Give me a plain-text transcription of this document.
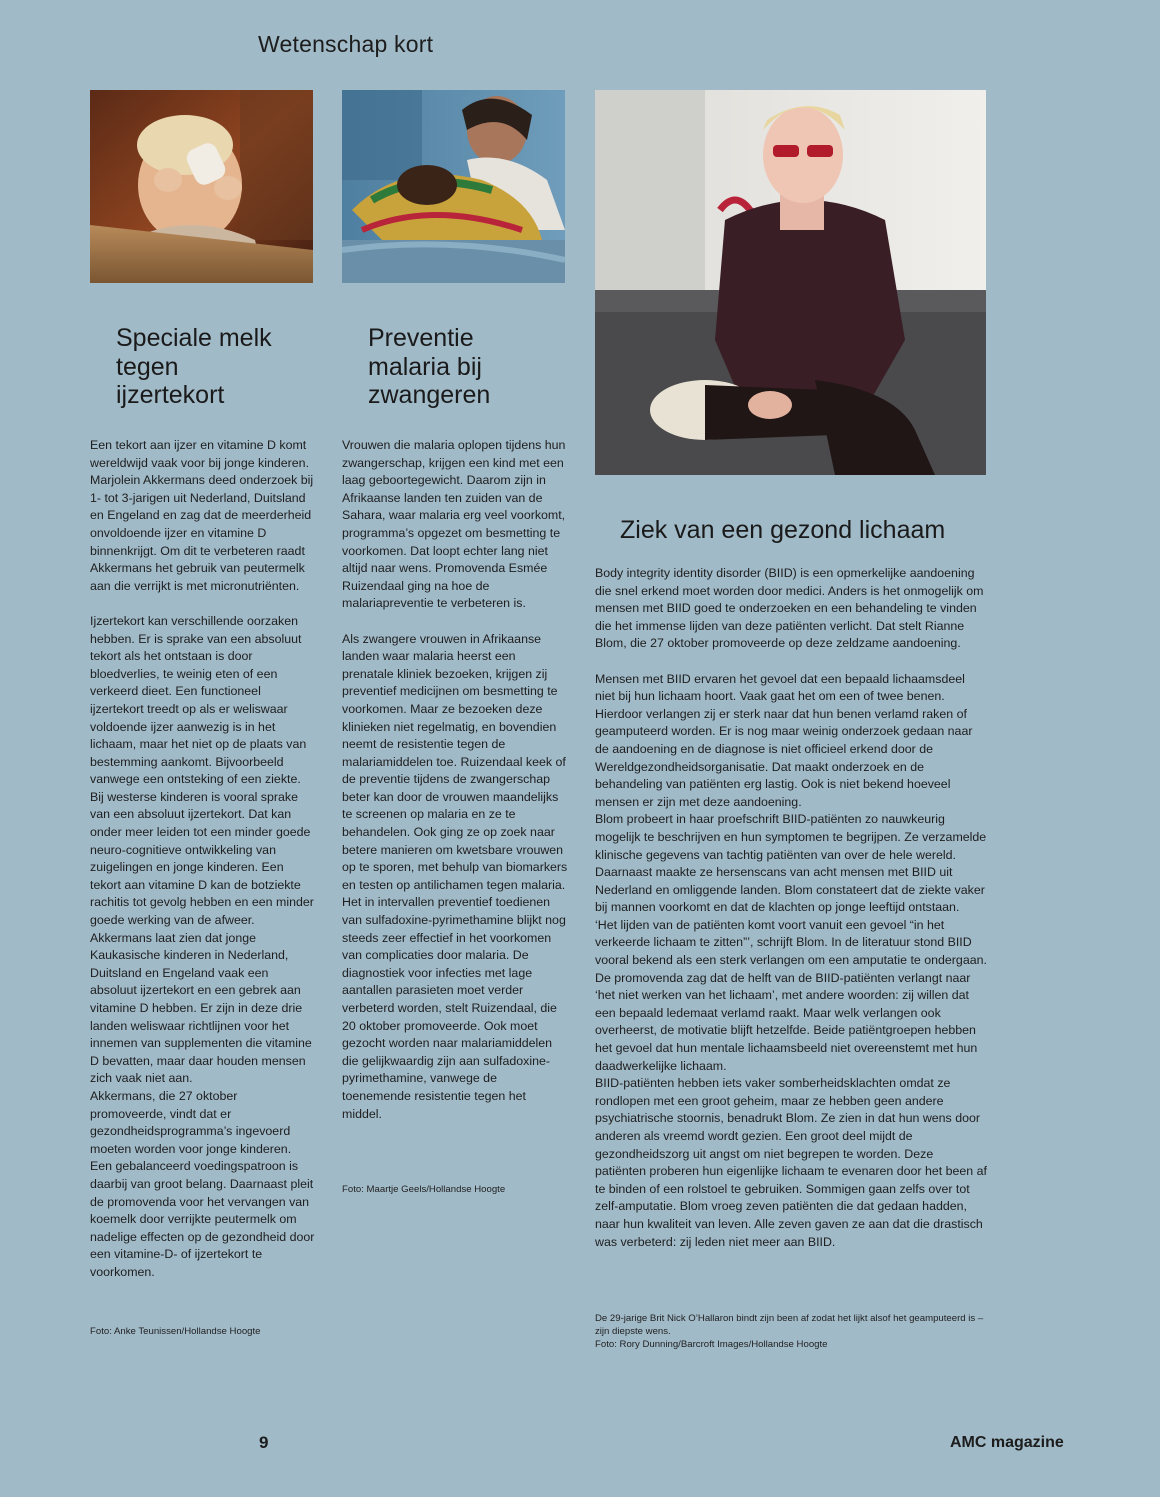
Wetenschap kort
Speciale melk tegen ijzertekort
Preventie malaria bij zwangeren
Ziek van een gezond lichaam

Een tekort aan ijzer en vitamine D komt wereldwijd vaak voor bij jonge kinderen. Marjolein Akkermans deed onderzoek bij 1- tot 3-jarigen uit Nederland, Duitsland en Engeland en zag dat de meerderheid onvoldoende ijzer en vitamine D binnenkrijgt. Om dit te verbeteren raadt Akkermans het gebruik van peutermelk aan die verrijkt is met micronutriënten.

Ijzertekort kan verschillende oorzaken hebben. Er is sprake van een absoluut tekort als het ontstaan is door bloedverlies, te weinig eten of een verkeerd dieet. Een functioneel ijzertekort treedt op als er weliswaar voldoende ijzer aanwezig is in het lichaam, maar het niet op de plaats van bestemming aankomt. Bijvoorbeeld vanwege een ontsteking of een ziekte. Bij westerse kinderen is vooral sprake van een absoluut ijzertekort. Dat kan onder meer leiden tot een minder goede neuro-cognitieve ontwikkeling van zuigelingen en jonge kinderen. Een tekort aan vitamine D kan de botziekte rachitis tot gevolg hebben en een minder goede werking van de afweer. Akkermans laat zien dat jonge Kaukasische kinderen in Nederland, Duitsland en Engeland vaak een absoluut ijzertekort en een gebrek aan vitamine D hebben. Er zijn in deze drie landen weliswaar richtlijnen voor het innemen van supplementen die vitamine D bevatten, maar daar houden mensen zich vaak niet aan.

Akkermans, die 27 oktober promoveerde, vindt dat er gezondheidsprogramma’s ingevoerd moeten worden voor jonge kinderen. Een gebalanceerd voedingspatroon is daarbij van groot belang. Daarnaast pleit de promovenda voor het vervangen van koemelk door verrijkte peutermelk om nadelige effecten op de gezondheid door een vitamine-D- of ijzertekort te voorkomen.

Foto: Anke Teunissen/Hollandse Hoogte

Vrouwen die malaria oplopen tijdens hun zwangerschap, krijgen een kind met een laag geboortegewicht. Daarom zijn in Afrikaanse landen ten zuiden van de Sahara, waar malaria erg veel voorkomt, programma’s opgezet om besmetting te voorkomen. Dat loopt echter lang niet altijd naar wens. Promovenda Esmée Ruizendaal ging na hoe de malariapreventie te verbeteren is.

Als zwangere vrouwen in Afrikaanse landen waar malaria heerst een prenatale kliniek bezoeken, krijgen zij preventief medicijnen om besmetting te voorkomen. Maar ze bezoeken deze klinieken niet regelmatig, en bovendien neemt de resistentie tegen de malariamiddelen toe. Ruizendaal keek of de preventie tijdens de zwangerschap beter kan door de vrouwen maandelijks te screenen op malaria en ze te behandelen. Ook ging ze op zoek naar betere manieren om kwetsbare vrouwen op te sporen, met behulp van biomarkers en testen op antilichamen tegen malaria.

Het in intervallen preventief toedienen van sulfadoxine-pyrimethamine blijkt nog steeds zeer effectief in het voorkomen van complicaties door malaria. De diagnostiek voor infecties met lage aantallen parasieten moet verder verbeterd worden, stelt Ruizendaal, die 20 oktober promoveerde. Ook moet gezocht worden naar malariamiddelen die gelijkwaardig zijn aan sulfadoxine-pyrimethamine, vanwege de toenemende resistentie tegen het middel.

Foto: Maartje Geels/Hollandse Hoogte

Body integrity identity disorder (BIID) is een opmerkelijke aandoening die snel erkend moet worden door medici. Anders is het onmogelijk om mensen met BIID goed te onderzoeken en een behandeling te vinden die het immense lijden van deze patiënten verlicht. Dat stelt Rianne Blom, die 27 oktober promoveerde op deze zeldzame aandoening.

Mensen met BIID ervaren het gevoel dat een bepaald lichaamsdeel niet bij hun lichaam hoort. Vaak gaat het om een of twee benen. Hierdoor verlangen zij er sterk naar dat hun benen verlamd raken of geamputeerd worden. Er is nog maar weinig onderzoek gedaan naar de aandoening en de diagnose is niet officieel erkend door de Wereldgezondheidsorganisatie. Dat maakt onderzoek en de behandeling van patiënten erg lastig. Ook is niet bekend hoeveel mensen er zijn met deze aandoening.

Blom probeert in haar proefschrift BIID-patiënten zo nauwkeurig mogelijk te beschrijven en hun symptomen te begrijpen. Ze verzamelde klinische gegevens van tachtig patiënten van over de hele wereld. Daarnaast maakte ze hersenscans van acht mensen met BIID uit Nederland en omliggende landen. Blom constateert dat de ziekte vaker bij mannen voorkomt en dat de klachten op jonge leeftijd ontstaan.

‘Het lijden van de patiënten komt voort vanuit een gevoel “in het verkeerde lichaam te zitten”’, schrijft Blom. In de literatuur stond BIID vooral bekend als een sterk verlangen om een amputatie te ondergaan. De promovenda zag dat de helft van de BIID-patiënten verlangt naar ‘het niet werken van het lichaam’, met andere woorden: zij willen dat een bepaald ledemaat verlamd raakt. Maar welk verlangen ook overheerst, de motivatie blijft hetzelfde. Beide patiëntgroepen hebben het gevoel dat hun mentale lichaamsbeeld niet overeenstemt met hun daadwerkelijke lichaam.

BIID-patiënten hebben iets vaker somberheidsklachten omdat ze rondlopen met een groot geheim, maar ze hebben geen andere psychiatrische stoornis, benadrukt Blom. Ze zien in dat hun wens door anderen als vreemd wordt gezien. Een groot deel mijdt de gezondheidszorg uit angst om niet begrepen te worden. Deze patiënten proberen hun eigenlijke lichaam te evenaren door het been af te binden of een rolstoel te gebruiken. Sommigen gaan zelfs over tot zelf-amputatie. Blom vroeg zeven patiënten die dat gedaan hadden, naar hun kwaliteit van leven. Alle zeven gaven ze aan dat die drastisch was verbeterd: zij leden niet meer aan BIID.

De 29-jarige Brit Nick O’Hallaron bindt zijn been af zodat het lijkt alsof het geamputeerd is – zijn diepste wens.
Foto: Rory Dunning/Barcroft Images/Hollandse Hoogte
9	AMC magazine
